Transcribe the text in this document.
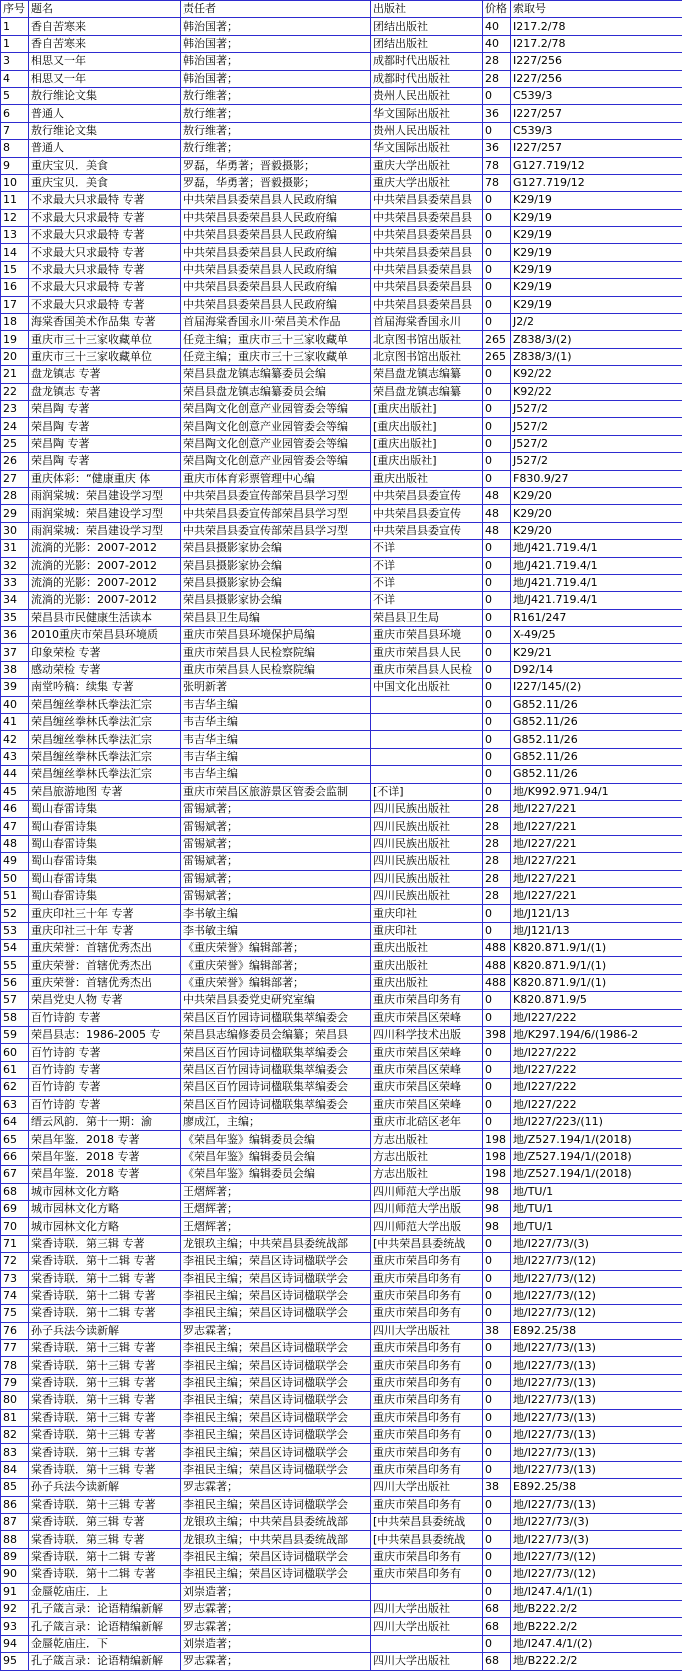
序号	题名	责任者	出版社	价格	索取号
1	香自苦寒来	韩治国著；	团结出版社	40	I217.2/78
1	香自苦寒来	韩治国著；	团结出版社	40	I217.2/78
3	相思又一年	韩治国著；	成都时代出版社	28	I227/256
4	相思又一年	韩治国著；	成都时代出版社	28	I227/256
5	敖行维论文集	敖行维著；	贵州人民出版社	0	C539/3
6	普通人	敖行维著；	华文国际出版社	36	I227/257
7	敖行维论文集	敖行维著；	贵州人民出版社	0	C539/3
8	普通人	敖行维著；	华文国际出版社	36	I227/257
9	重庆宝贝．美食	罗磊，华勇著；晋毅摄影；	重庆大学出版社	78	G127.719/12
10	重庆宝贝．美食	罗磊，华勇著；晋毅摄影；	重庆大学出版社	78	G127.719/12
11	不求最大只求最特 专著	中共荣昌县委荣昌县人民政府编	中共荣昌县委荣昌县	0	K29/19
12	不求最大只求最特 专著	中共荣昌县委荣昌县人民政府编	中共荣昌县委荣昌县	0	K29/19
13	不求最大只求最特 专著	中共荣昌县委荣昌县人民政府编	中共荣昌县委荣昌县	0	K29/19
14	不求最大只求最特 专著	中共荣昌县委荣昌县人民政府编	中共荣昌县委荣昌县	0	K29/19
15	不求最大只求最特 专著	中共荣昌县委荣昌县人民政府编	中共荣昌县委荣昌县	0	K29/19
16	不求最大只求最特 专著	中共荣昌县委荣昌县人民政府编	中共荣昌县委荣昌县	0	K29/19
17	不求最大只求最特 专著	中共荣昌县委荣昌县人民政府编	中共荣昌县委荣昌县	0	K29/19
18	海棠香国美术作品集 专著	首届海棠香国永川·荣昌美术作品	首届海棠香国永川	0	J2/2
19	重庆市三十三家收藏单位	任竞主编；重庆市三十三家收藏单	北京图书馆出版社	265	Z838/3/(2)
20	重庆市三十三家收藏单位	任竞主编；重庆市三十三家收藏单	北京图书馆出版社	265	Z838/3/(1)
21	盘龙镇志 专著	荣昌县盘龙镇志编纂委员会编	荣昌盘龙镇志编纂	0	K92/22
22	盘龙镇志 专著	荣昌县盘龙镇志编纂委员会编	荣昌盘龙镇志编纂	0	K92/22
23	荣昌陶 专著	荣昌陶文化创意产业园管委会等编	[重庆出版社]	0	J527/2
24	荣昌陶 专著	荣昌陶文化创意产业园管委会等编	[重庆出版社]	0	J527/2
25	荣昌陶 专著	荣昌陶文化创意产业园管委会等编	[重庆出版社]	0	J527/2
26	荣昌陶 专著	荣昌陶文化创意产业园管委会等编	[重庆出版社]	0	J527/2
27	重庆体彩：“健康重庆 体	重庆市体育彩票管理中心编	重庆出版社	0	F830.9/27
28	雨润棠城：荣昌建设学习型	中共荣昌县委宣传部荣昌县学习型	中共荣昌县委宣传	48	K29/20
29	雨润棠城：荣昌建设学习型	中共荣昌县委宣传部荣昌县学习型	中共荣昌县委宣传	48	K29/20
30	雨润棠城：荣昌建设学习型	中共荣昌县委宣传部荣昌县学习型	中共荣昌县委宣传	48	K29/20
31	流淌的光影：2007-2012	荣昌县摄影家协会编	不详	0	地/J421.719.4/1
32	流淌的光影：2007-2012	荣昌县摄影家协会编	不详	0	地/J421.719.4/1
33	流淌的光影：2007-2012	荣昌县摄影家协会编	不详	0	地/J421.719.4/1
34	流淌的光影：2007-2012	荣昌县摄影家协会编	不详	0	地/J421.719.4/1
35	荣昌县市民健康生活读本	荣昌县卫生局编	荣昌县卫生局	0	R161/247
36	2010重庆市荣昌县环境质	重庆市荣昌县环境保护局编	重庆市荣昌县环境	0	X-49/25
37	印象荣检 专著	重庆市荣昌县人民检察院编	重庆市荣昌县人民	0	K29/21
38	感动荣检 专著	重庆市荣昌县人民检察院编	重庆市荣昌县人民检	0	D92/14
39	南堂吟稿：续集 专著	张明新著	中国文化出版社	0	I227/145/(2)
40	荣昌缠丝拳林氏拳法汇宗	韦吉华主编		0	G852.11/26
41	荣昌缠丝拳林氏拳法汇宗	韦吉华主编		0	G852.11/26
42	荣昌缠丝拳林氏拳法汇宗	韦吉华主编		0	G852.11/26
43	荣昌缠丝拳林氏拳法汇宗	韦吉华主编		0	G852.11/26
44	荣昌缠丝拳林氏拳法汇宗	韦吉华主编		0	G852.11/26
45	荣昌旅游地图 专著	重庆市荣昌区旅游景区管委会监制	[不详]	0	地/K992.971.94/1
46	蜀山春雷诗集	雷锡斌著；	四川民族出版社	28	地/I227/221
47	蜀山春雷诗集	雷锡斌著；	四川民族出版社	28	地/I227/221
48	蜀山春雷诗集	雷锡斌著；	四川民族出版社	28	地/I227/221
49	蜀山春雷诗集	雷锡斌著；	四川民族出版社	28	地/I227/221
50	蜀山春雷诗集	雷锡斌著；	四川民族出版社	28	地/I227/221
51	蜀山春雷诗集	雷锡斌著；	四川民族出版社	28	地/I227/221
52	重庆印社三十年 专著	李书敏主编	重庆印社	0	地/J121/13
53	重庆印社三十年 专著	李书敏主编	重庆印社	0	地/J121/13
54	重庆荣誉：首辖优秀杰出	《重庆荣誉》编辑部著；	重庆出版社	488	K820.871.9/1/(1)
55	重庆荣誉：首辖优秀杰出	《重庆荣誉》编辑部著；	重庆出版社	488	K820.871.9/1/(1)
56	重庆荣誉：首辖优秀杰出	《重庆荣誉》编辑部著；	重庆出版社	488	K820.871.9/1/(1)
57	荣昌党史人物 专著	中共荣昌县委党史研究室编	重庆市荣昌印务有	0	K820.871.9/5
58	百竹诗韵 专著	荣昌区百竹园诗词楹联集萃编委会	重庆市荣昌区荣峰	0	地/I227/222
59	荣昌县志：1986-2005 专	荣昌县志编修委员会编纂；荣昌县	四川科学技术出版	398	地/K297.194/6/(1986-2
60	百竹诗韵 专著	荣昌区百竹园诗词楹联集萃编委会	重庆市荣昌区荣峰	0	地/I227/222
61	百竹诗韵 专著	荣昌区百竹园诗词楹联集萃编委会	重庆市荣昌区荣峰	0	地/I227/222
62	百竹诗韵 专著	荣昌区百竹园诗词楹联集萃编委会	重庆市荣昌区荣峰	0	地/I227/222
63	百竹诗韵 专著	荣昌区百竹园诗词楹联集萃编委会	重庆市荣昌区荣峰	0	地/I227/222
64	缙云风韵．第十一期：渝	廖成江，主编；	重庆市北碚区老年	0	地/I227/223/(11)
65	荣昌年鉴．2018 专著	《荣昌年鉴》编辑委员会编	方志出版社	198	地/Z527.194/1/(2018)
66	荣昌年鉴．2018 专著	《荣昌年鉴》编辑委员会编	方志出版社	198	地/Z527.194/1/(2018)
67	荣昌年鉴．2018 专著	《荣昌年鉴》编辑委员会编	方志出版社	198	地/Z527.194/1/(2018)
68	城市园林文化方略	王熠辉著；	四川师范大学出版	98	地/TU/1
69	城市园林文化方略	王熠辉著；	四川师范大学出版	98	地/TU/1
70	城市园林文化方略	王熠辉著；	四川师范大学出版	98	地/TU/1
71	棠香诗联．第三辑 专著	龙银玖主编；中共荣昌县委统战部	[中共荣昌县委统战	0	地/I227/73/(3)
72	棠香诗联．第十二辑 专著	李祖民主编；荣昌区诗词楹联学会	重庆市荣昌印务有	0	地/I227/73/(12)
73	棠香诗联．第十二辑 专著	李祖民主编；荣昌区诗词楹联学会	重庆市荣昌印务有	0	地/I227/73/(12)
74	棠香诗联．第十二辑 专著	李祖民主编；荣昌区诗词楹联学会	重庆市荣昌印务有	0	地/I227/73/(12)
75	棠香诗联．第十二辑 专著	李祖民主编；荣昌区诗词楹联学会	重庆市荣昌印务有	0	地/I227/73/(12)
76	孙子兵法今读新解	罗志霖著；	四川大学出版社	38	E892.25/38
77	棠香诗联．第十三辑 专著	李祖民主编；荣昌区诗词楹联学会	重庆市荣昌印务有	0	地/I227/73/(13)
78	棠香诗联．第十三辑 专著	李祖民主编；荣昌区诗词楹联学会	重庆市荣昌印务有	0	地/I227/73/(13)
79	棠香诗联．第十三辑 专著	李祖民主编；荣昌区诗词楹联学会	重庆市荣昌印务有	0	地/I227/73/(13)
80	棠香诗联．第十三辑 专著	李祖民主编；荣昌区诗词楹联学会	重庆市荣昌印务有	0	地/I227/73/(13)
81	棠香诗联．第十三辑 专著	李祖民主编；荣昌区诗词楹联学会	重庆市荣昌印务有	0	地/I227/73/(13)
82	棠香诗联．第十三辑 专著	李祖民主编；荣昌区诗词楹联学会	重庆市荣昌印务有	0	地/I227/73/(13)
83	棠香诗联．第十三辑 专著	李祖民主编；荣昌区诗词楹联学会	重庆市荣昌印务有	0	地/I227/73/(13)
84	棠香诗联．第十三辑 专著	李祖民主编；荣昌区诗词楹联学会	重庆市荣昌印务有	0	地/I227/73/(13)
85	孙子兵法今读新解	罗志霖著；	四川大学出版社	38	E892.25/38
86	棠香诗联．第十三辑 专著	李祖民主编；荣昌区诗词楹联学会	重庆市荣昌印务有	0	地/I227/73/(13)
87	棠香诗联．第三辑 专著	龙银玖主编；中共荣昌县委统战部	[中共荣昌县委统战	0	地/I227/73/(3)
88	棠香诗联．第三辑 专著	龙银玖主编；中共荣昌县委统战部	[中共荣昌县委统战	0	地/I227/73/(3)
89	棠香诗联．第十二辑 专著	李祖民主编；荣昌区诗词楹联学会	重庆市荣昌印务有	0	地/I227/73/(12)
90	棠香诗联．第十二辑 专著	李祖民主编；荣昌区诗词楹联学会	重庆市荣昌印务有	0	地/I227/73/(12)
91	金蜃乾庙庄．上	刘崇造著；		0	地/I247.4/1/(1)
92	孔子箴言录：论语精编新解	罗志霖著；	四川大学出版社	68	地/B222.2/2
93	孔子箴言录：论语精编新解	罗志霖著；	四川大学出版社	68	地/B222.2/2
94	金蜃乾庙庄．下	刘崇造著；		0	地/I247.4/1/(2)
95	孔子箴言录：论语精编新解	罗志霖著；	四川大学出版社	68	地/B222.2/2
